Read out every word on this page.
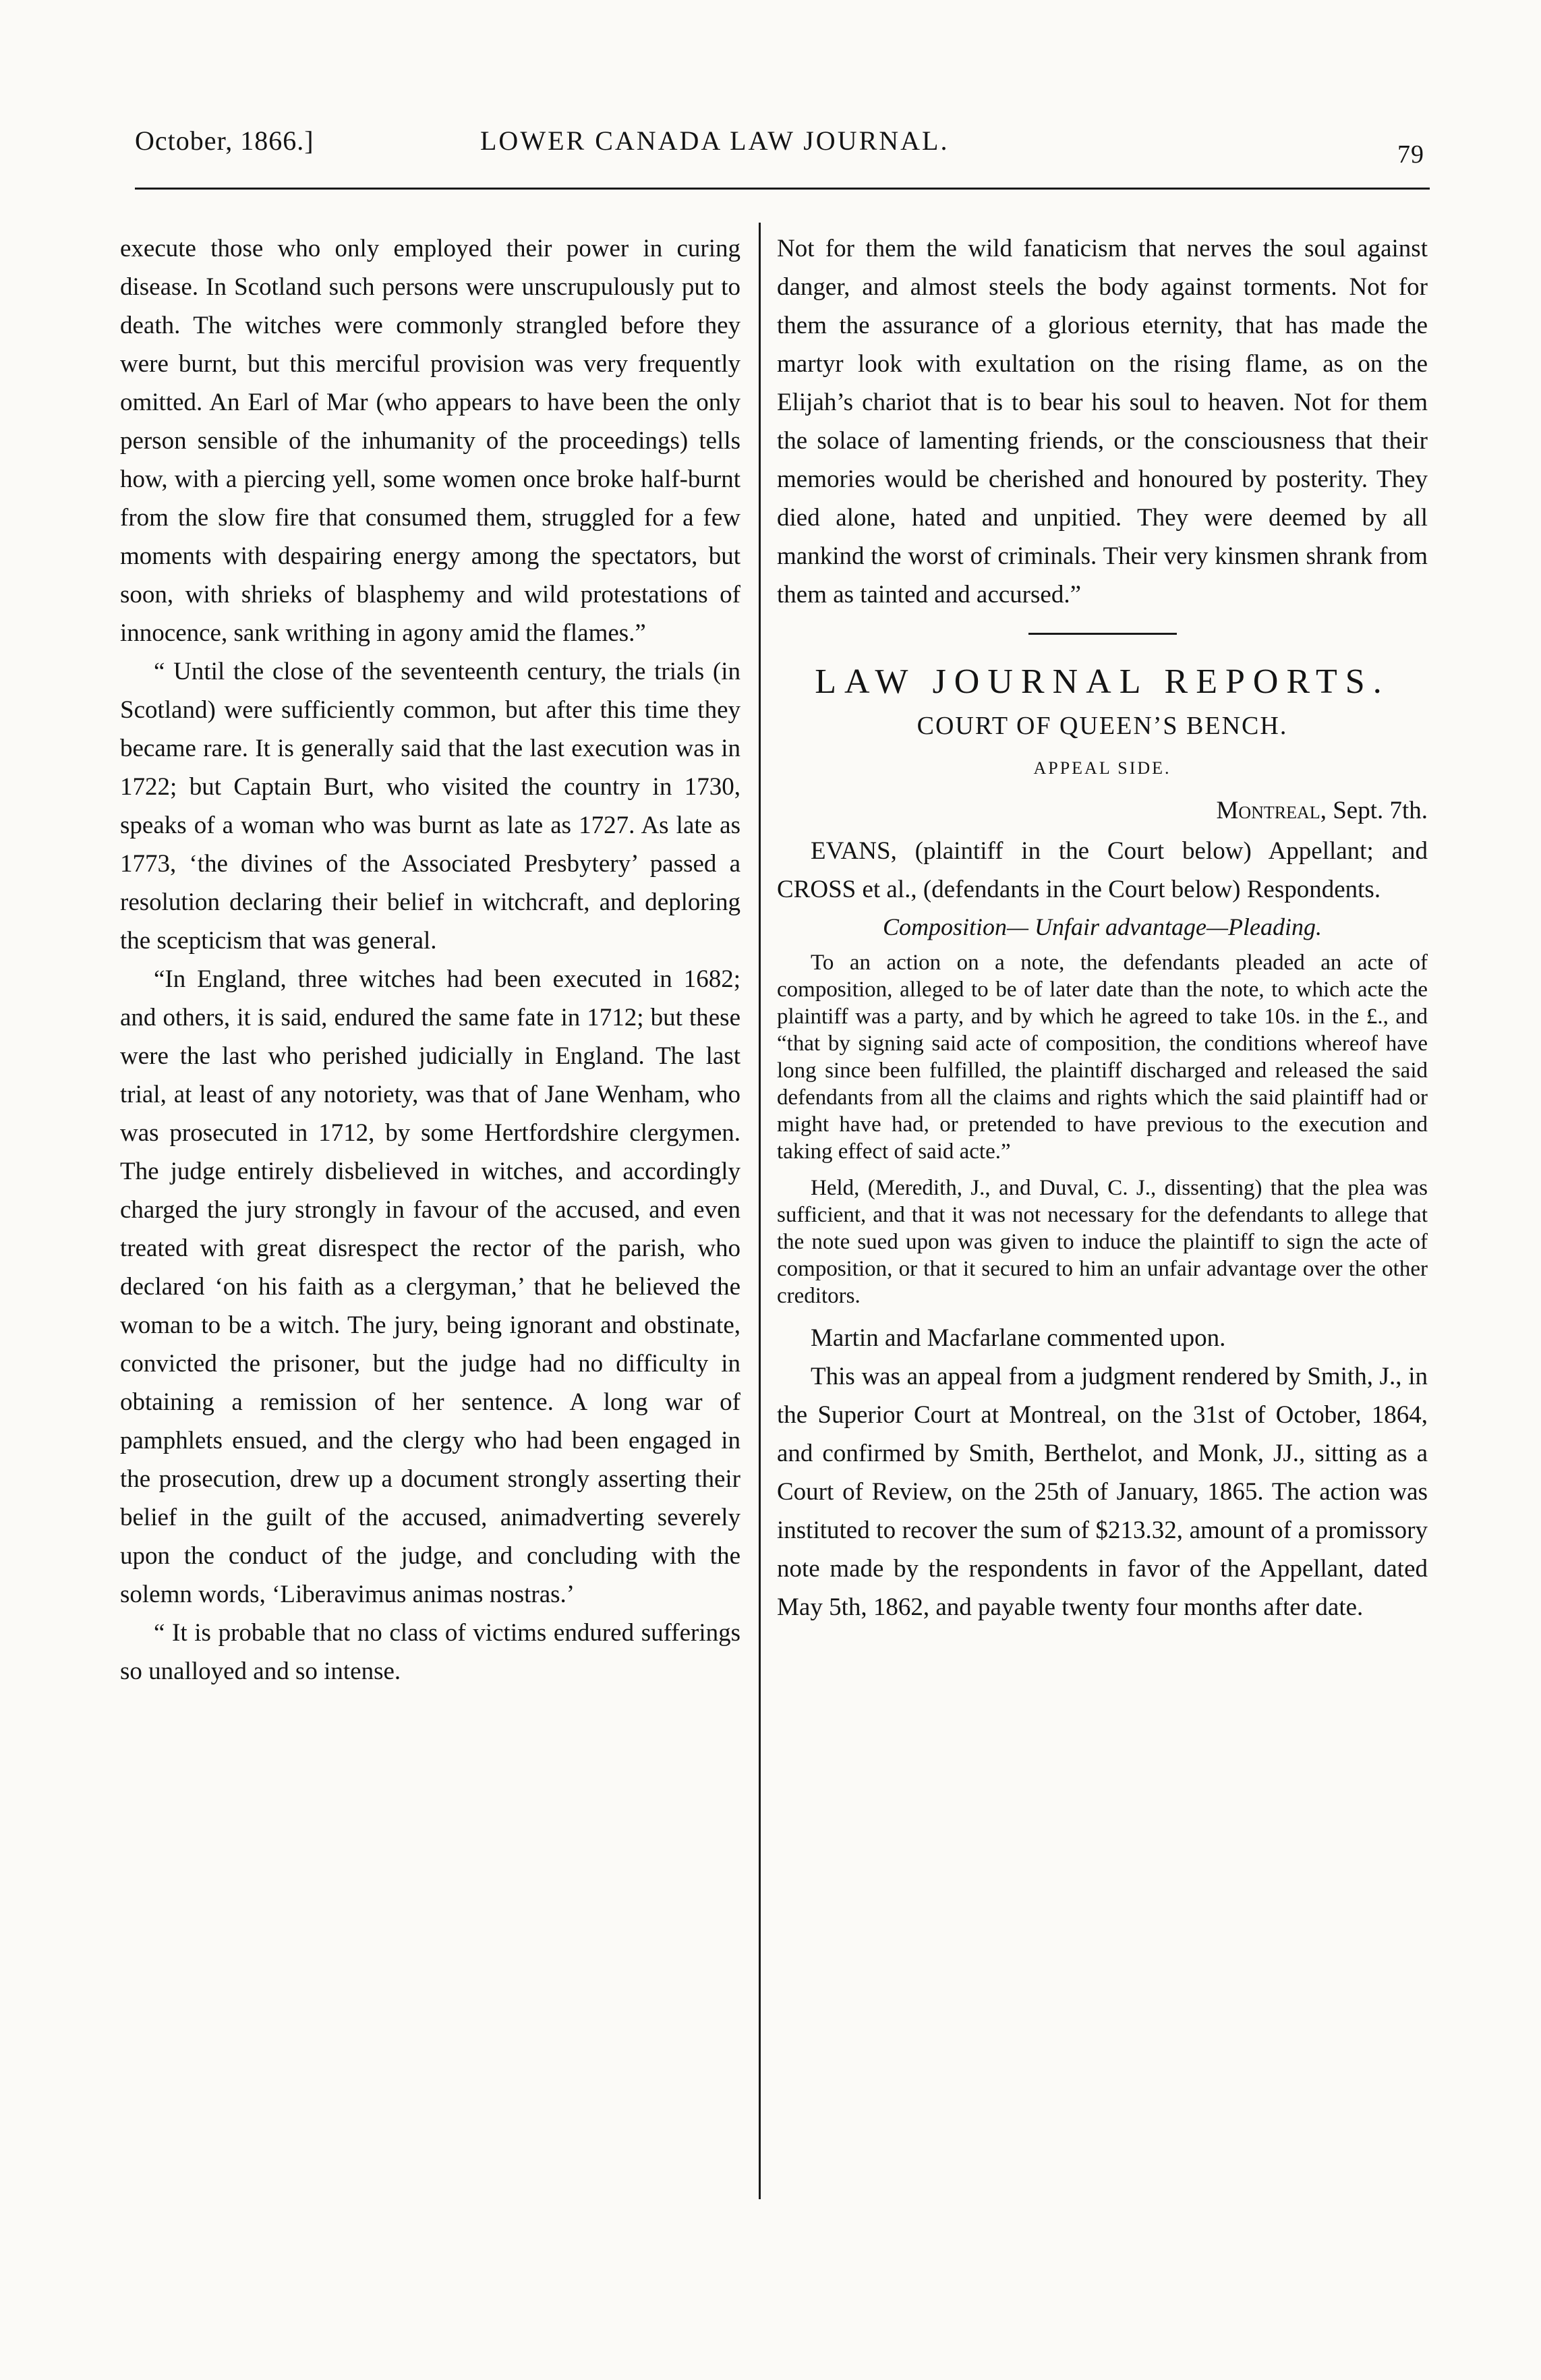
October, 1866.]	LOWER CANADA LAW JOURNAL.	79

execute those who only employed their power in curing disease. In Scotland such persons were unscrupulously put to death. The witches were commonly strangled before they were burnt, but this merciful provision was very frequently omitted. An Earl of Mar (who appears to have been the only person sensible of the inhumanity of the proceedings) tells how, with a piercing yell, some women once broke half-burnt from the slow fire that consumed them, struggled for a few moments with despairing energy among the spectators, but soon, with shrieks of blasphemy and wild protestations of innocence, sank writhing in agony amid the flames.”

“ Until the close of the seventeenth century, the trials (in Scotland) were sufficiently common, but after this time they became rare. It is generally said that the last execution was in 1722; but Captain Burt, who visited the country in 1730, speaks of a woman who was burnt as late as 1727. As late as 1773, ‘the divines of the Associated Presbytery’ passed a resolution declaring their belief in witchcraft, and deploring the scepticism that was general.

“In England, three witches had been executed in 1682; and others, it is said, endured the same fate in 1712; but these were the last who perished judicially in England. The last trial, at least of any notoriety, was that of Jane Wenham, who was prosecuted in 1712, by some Hertfordshire clergymen. The judge entirely disbelieved in witches, and accordingly charged the jury strongly in favour of the accused, and even treated with great disrespect the rector of the parish, who declared ‘on his faith as a clergyman,’ that he believed the woman to be a witch. The jury, being ignorant and obstinate, convicted the prisoner, but the judge had no difficulty in obtaining a remission of her sentence. A long war of pamphlets ensued, and the clergy who had been engaged in the prosecution, drew up a document strongly asserting their belief in the guilt of the accused, animadverting severely upon the conduct of the judge, and concluding with the solemn words, ‘Liberavimus animas nostras.’

“ It is probable that no class of victims endured sufferings so unalloyed and so intense.

Not for them the wild fanaticism that nerves the soul against danger, and almost steels the body against torments. Not for them the assurance of a glorious eternity, that has made the martyr look with exultation on the rising flame, as on the Elijah’s chariot that is to bear his soul to heaven. Not for them the solace of lamenting friends, or the consciousness that their memories would be cherished and honoured by posterity. They died alone, hated and unpitied. They were deemed by all mankind the worst of criminals. Their very kinsmen shrank from them as tainted and accursed.”

LAW JOURNAL REPORTS.
COURT OF QUEEN’S BENCH.
APPEAL SIDE.
Montreal, Sept. 7th.

EVANS, (plaintiff in the Court below) Appellant; and CROSS et al., (defendants in the Court below) Respondents.

Composition— Unfair advantage—Pleading.

To an action on a note, the defendants pleaded an acte of composition, alleged to be of later date than the note, to which acte the plaintiff was a party, and by which he agreed to take 10s. in the £., and “that by signing said acte of composition, the conditions whereof have long since been fulfilled, the plaintiff discharged and released the said defendants from all the claims and rights which the said plaintiff had or might have had, or pretended to have previous to the execution and taking effect of said acte.”

Held, (Meredith, J., and Duval, C. J., dissenting) that the plea was sufficient, and that it was not necessary for the defendants to allege that the note sued upon was given to induce the plaintiff to sign the acte of composition, or that it secured to him an unfair advantage over the other creditors.

Martin and Macfarlane commented upon.

This was an appeal from a judgment rendered by Smith, J., in the Superior Court at Montreal, on the 31st of October, 1864, and confirmed by Smith, Berthelot, and Monk, JJ., sitting as a Court of Review, on the 25th of January, 1865. The action was instituted to recover the sum of $213.32, amount of a promissory note made by the respondents in favor of the Appellant, dated May 5th, 1862, and payable twenty four months after date.
